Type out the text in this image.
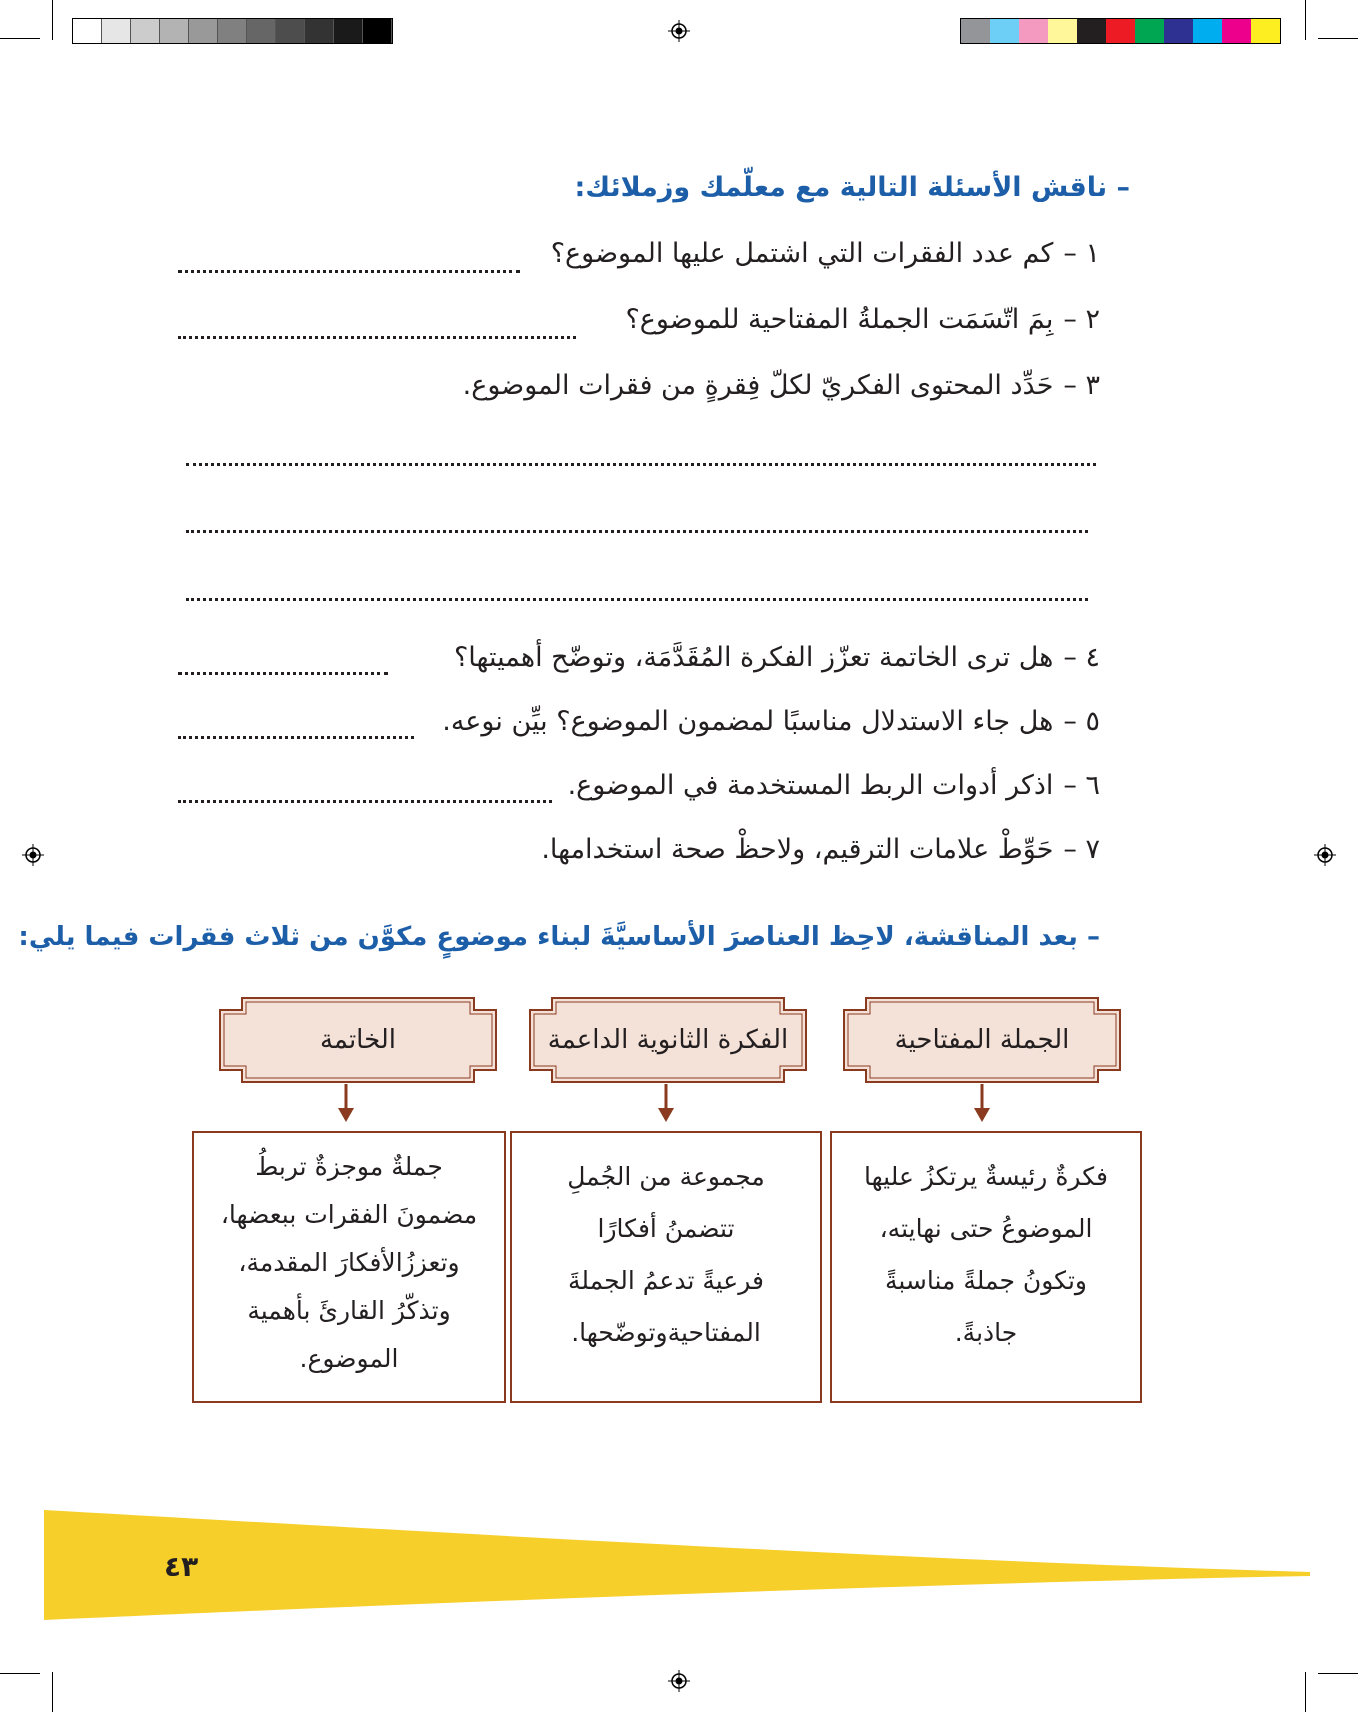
– ناقش الأسئلة التالية مع معلّمك وزملائك:
١ –
كم عدد الفقرات التي اشتمل عليها الموضوع؟
٢ –
بِمَ اتّسَمَت الجملةُ المفتاحية للموضوع؟
٣ –
حَدِّد المحتوى الفكريّ لكلّ فِقرةٍ من فقرات الموضوع.
٤ –
هل ترى الخاتمة تعزّز الفكرة المُقَدَّمَة، وتوضّح أهميتها؟
٥ –
هل جاء الاستدلال مناسبًا لمضمون الموضوع؟ بيِّن نوعه.
٦ –
اذكر أدوات الربط المستخدمة في الموضوع.
٧ –
حَوِّطْ علامات الترقيم، ولاحظْ صحة استخدامها.
– بعد المناقشة، لاحِظ العناصرَ الأساسيَّةَ لبناء موضوعٍ مكوَّن من ثلاث فقرات فيما يلي:
الجملة المفتاحية

فكرةٌ رئيسةٌ يرتكزُ عليها

الموضوعُ حتى نهايته،

وتكونُ جملةً مناسبةً

جاذبةً.

الفكرة الثانوية الداعمة

مجموعة من الجُملِ

تتضمنُ أفكارًا

فرعيةً تدعمُ الجملةَ

المفتاحيةوتوضّحها.

الخاتمة

جملةٌ موجزةٌ تربطُ

مضمونَ الفقرات ببعضها،

وتعززُالأفكارَ المقدمة،

وتذكّرُ القارئَ بأهمية

الموضوع.

٤٣
